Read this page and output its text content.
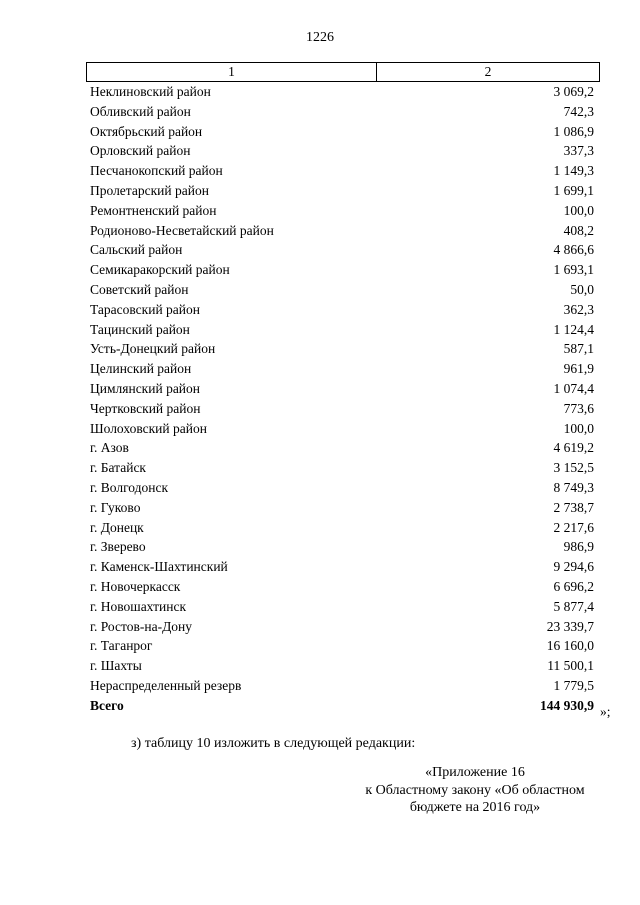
1226
1	2
Неклиновский район	3 069,2
Обливский район	742,3
Октябрьский район	1 086,9
Орловский район	337,3
Песчанокопский район	1 149,3
Пролетарский район	1 699,1
Ремонтненский район	100,0
Родионово-Несветайский район	408,2
Сальский район	4 866,6
Семикаракорский район	1 693,1
Советский район	50,0
Тарасовский район	362,3
Тацинский район	1 124,4
Усть-Донецкий район	587,1
Целинский район	961,9
Цимлянский район	1 074,4
Чертковский район	773,6
Шолоховский район	100,0
г. Азов	4 619,2
г. Батайск	3 152,5
г. Волгодонск	8 749,3
г. Гуково	2 738,7
г. Донецк	2 217,6
г. Зверево	986,9
г. Каменск-Шахтинский	9 294,6
г. Новочеркасск	6 696,2
г. Новошахтинск	5 877,4
г. Ростов-на-Дону	23 339,7
г. Таганрог	16 160,0
г. Шахты	11 500,1
Нераспределенный резерв	1 779,5
Всего	144 930,9 »;
з) таблицу 10 изложить в следующей редакции:
«Приложение 16
к Областному закону «Об областном
бюджете на 2016 год»
